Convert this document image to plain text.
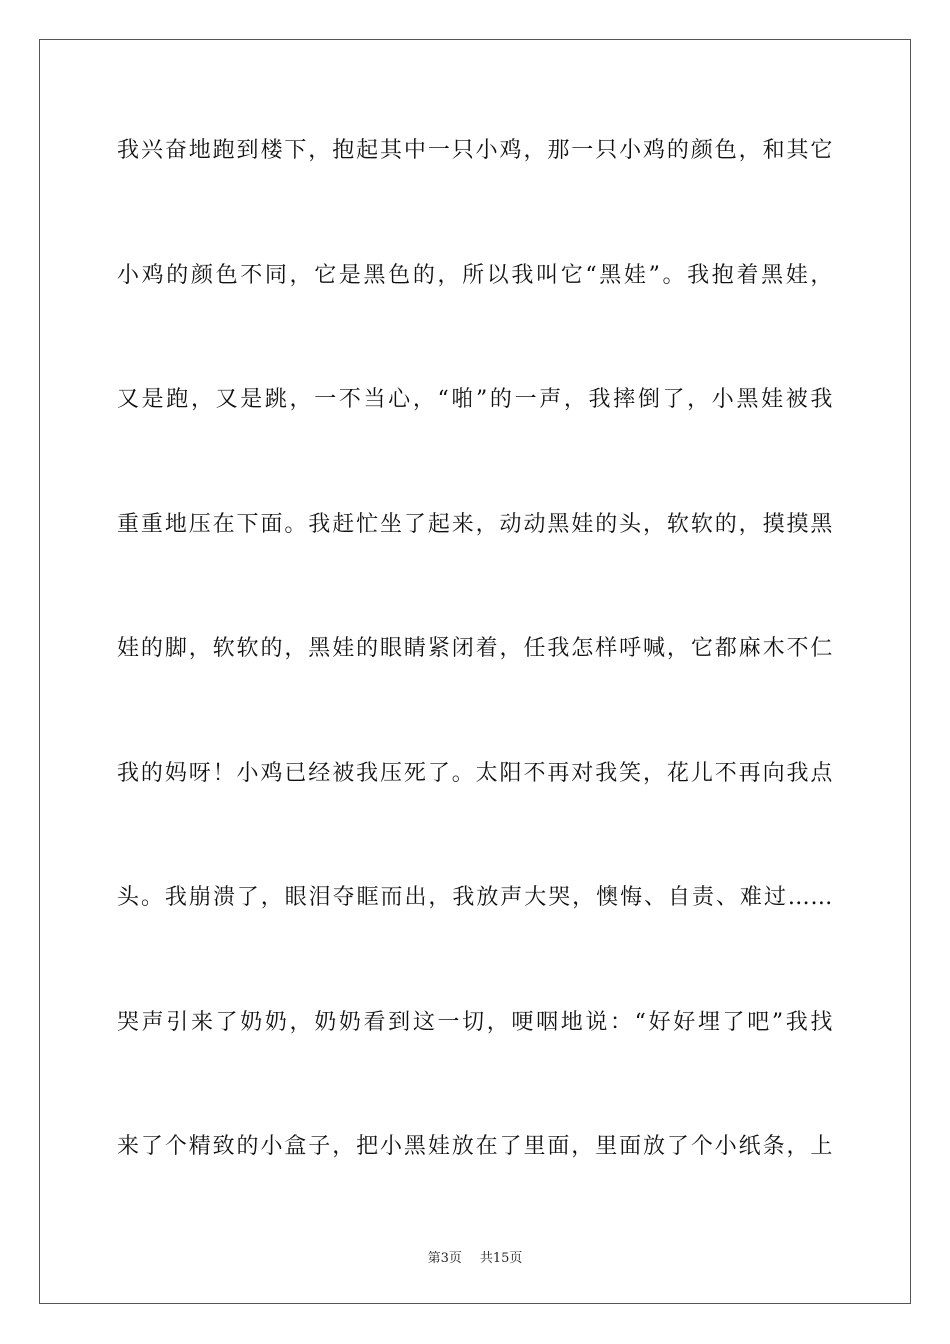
我兴奋地跑到楼下，抱起其中一只小鸡，那一只小鸡的颜色，和其它

小鸡的颜色不同，它是黑色的，所以我叫它“黑娃”。我抱着黑娃，

又是跑，又是跳，一不当心，“啪”的一声，我摔倒了，小黑娃被我

重重地压在下面。我赶忙坐了起来，动动黑娃的头，软软的，摸摸黑

娃的脚，软软的，黑娃的眼睛紧闭着，任我怎样呼喊，它都麻木不仁

我的妈呀！小鸡已经被我压死了。太阳不再对我笑，花儿不再向我点

头。我崩溃了，眼泪夺眶而出，我放声大哭，懊悔、自责、难过……

哭声引来了奶奶，奶奶看到这一切，哽咽地说：“好好埋了吧”我找

来了个精致的小盒子，把小黑娃放在了里面，里面放了个小纸条，上

第3页 共15页
